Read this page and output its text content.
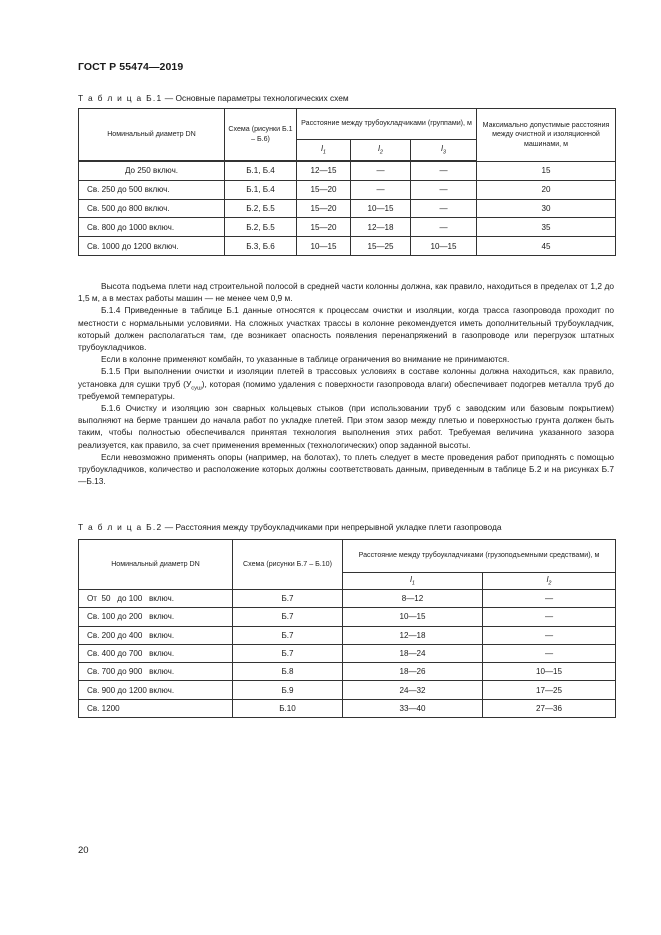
ГОСТ Р 55474—2019
Т а б л и ц а Б.1 — Основные параметры технологических схем
Номинальный диаметр DN	Схема (рисунки Б.1 – Б.6)	Расстояние между трубоукладчиками (группами), м			Максимально допустимые расстояния между очистной и изоляционной машинами, м
		$l_1$	$l_2$	$l_3$

До 250 включ.	Б.1, Б.4	12—15	—	—	15
Св. 250 до 500 включ.	Б.1, Б.4	15—20	—	—	20
Св. 500 до 800 включ.	Б.2, Б.5	15—20	10—15	—	30
Св. 800 до 1000 включ.	Б.2, Б.5	15—20	12—18	—	35
Св. 1000 до 1200 включ.	Б.3, Б.6	10—15	15—25	10—15	45

Высота подъема плети над строительной полосой в средней части колонны должна, как правило, находиться в пределах от 1,2 до 1,5 м, а в местах работы машин — не менее чем 0,9 м.

Б.1.4 Приведенные в таблице Б.1 данные относятся к процессам очистки и изоляции, когда трасса газопровода проходит по местности с нормальными условиями. На сложных участках трассы в колонне рекомендуется иметь дополнительный трубоукладчик, который должен располагаться там, где возникает опасность появления перенапряжений в газопроводе или перегрузок штатных трубоукладчиков.

Если в колонне применяют комбайн, то указанные в таблице ограничения во внимание не принимаются.

Б.1.5 При выполнении очистки и изоляции плетей в трассовых условиях в составе колонны должна находиться, как правило, установка для сушки труб $(У_{суш})$, которая (помимо удаления с поверхности газопровода влаги) обеспечивает подогрев металла труб до требуемой температуры.

Б.1.6 Очистку и изоляцию зон сварных кольцевых стыков (при использовании труб с заводским или базовым покрытием) выполняют на берме траншеи до начала работ по укладке плетей. При этом зазор между плетью и поверхностью грунта должен быть таким, чтобы полностью обеспечивался принятая технология выполнения этих работ. Требуемая величина указанного зазора реализуется, как правило, за счет применения временных (технологических) опор заданной высоты.

Если невозможно применять опоры (например, на болотах), то плеть следует в месте проведения работ приподнять с помощью трубоукладчиков, количество и расположение которых должны соответствовать данным, приведенным в таблице Б.2 и на рисунках Б.7—Б.13.

Т а б л и ц а Б.2 — Расстояния между трубоукладчиками при непрерывной укладке плети газопровода
Номинальный диаметр DN	Схема (рисунки Б.7 – Б.10)	Расстояние между трубоукладчиками (грузоподъемными средствами), м	
		$l_1$	$l_2$
От  50   до 100   включ.	Б.7	8—12	—
Св. 100 до 200   включ.	Б.7	10—15	—
Св. 200 до 400   включ.	Б.7	12—18	—
Св. 400 до 700   включ.	Б.7	18—24	—
Св. 700 до 900   включ.	Б.8	18—26	10—15
Св. 900 до 1200 включ.	Б.9	24—32	17—25
Св. 1200	Б.10	33—40	27—36
20
